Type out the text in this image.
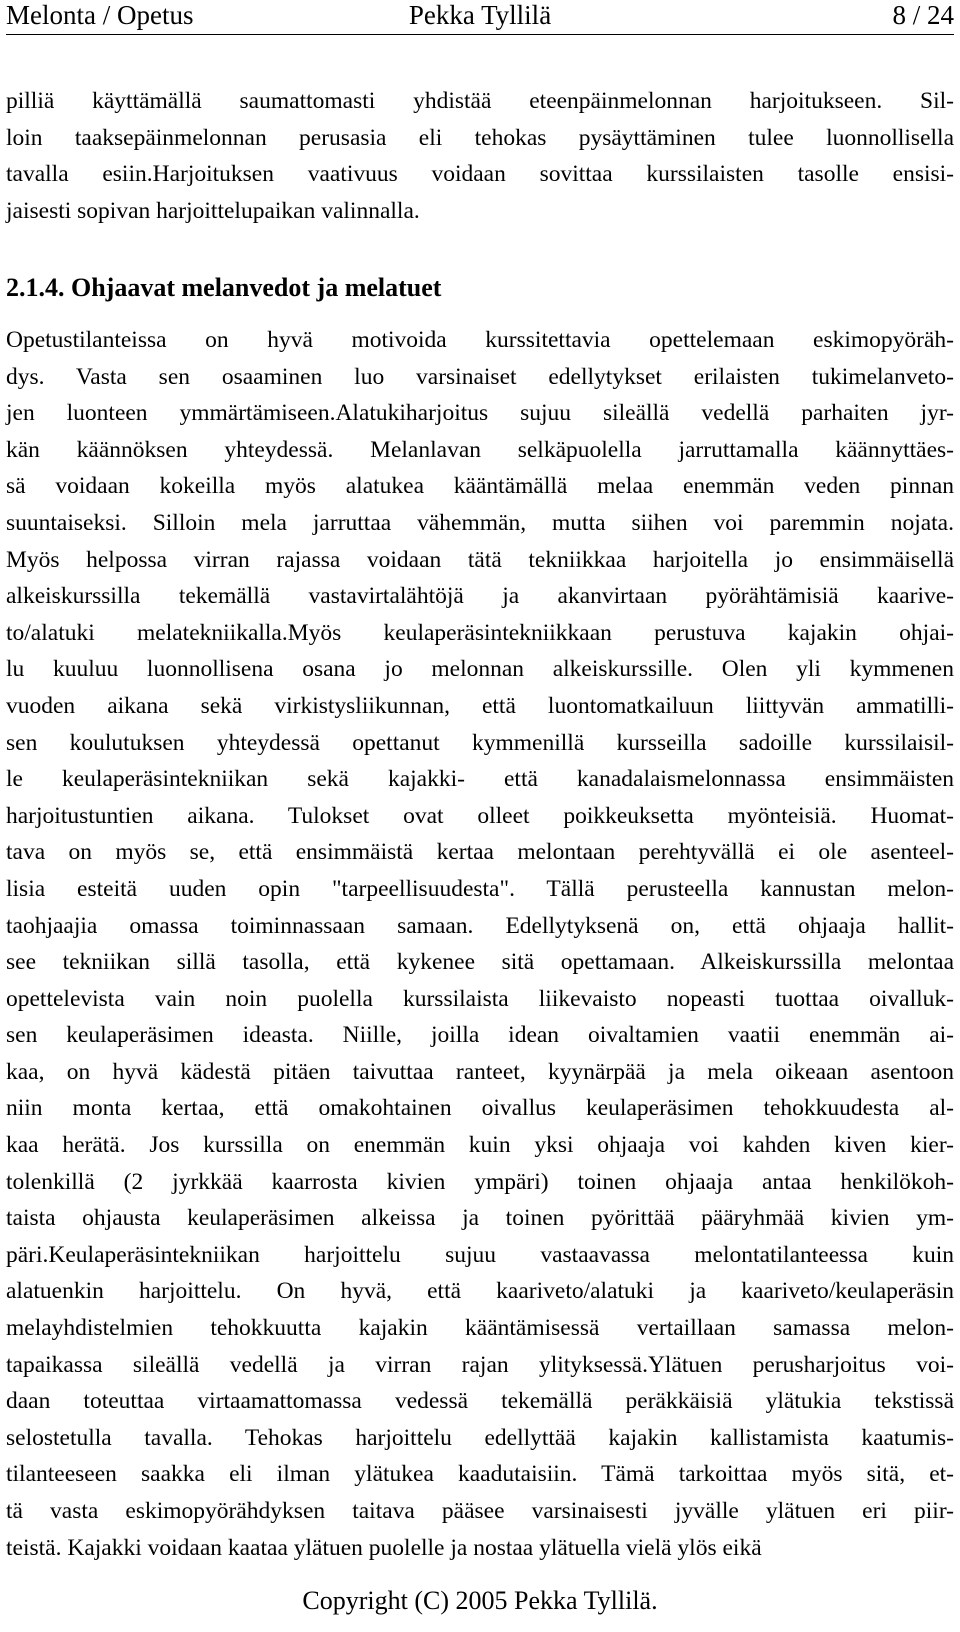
Pekka Tyllilä
Melonta / Opetus	8 / 24
pilliä käyttämällä saumattomasti yhdistää eteenpäinmelonnan harjoitukseen. Sil-
loin taaksepäinmelonnan perusasia eli tehokas pysäyttäminen tulee luonnollisella
tavalla esiin.Harjoituksen vaativuus voidaan sovittaa kurssilaisten tasolle ensisi-
jaisesti sopivan harjoittelupaikan valinnalla.
2.1.4. Ohjaavat melanvedot ja melatuet
Opetustilanteissa on hyvä motivoida kurssitettavia opettelemaan eskimopyöräh-
dys. Vasta sen osaaminen luo varsinaiset edellytykset erilaisten tukimelanveto-
jen luonteen ymmärtämiseen.Alatukiharjoitus sujuu sileällä vedellä parhaiten jyr-
kän käännöksen yhteydessä. Melanlavan selkäpuolella jarruttamalla käännyttäes-
sä voidaan kokeilla myös alatukea kääntämällä melaa enemmän veden pinnan
suuntaiseksi. Silloin mela jarruttaa vähemmän, mutta siihen voi paremmin nojata.
Myös helpossa virran rajassa voidaan tätä tekniikkaa harjoitella jo ensimmäisellä
alkeiskurssilla tekemällä vastavirtalähtöjä ja akanvirtaan pyörähtämisiä kaarive-
to/alatuki melatekniikalla.Myös keulaperäsintekniikkaan perustuva kajakin ohjai-
lu kuuluu luonnollisena osana jo melonnan alkeiskurssille. Olen yli kymmenen
vuoden aikana sekä virkistysliikunnan, että luontomatkailuun liittyvän ammatilli-
sen koulutuksen yhteydessä opettanut kymmenillä kursseilla sadoille kurssilaisil-
le keulaperäsintekniikan sekä kajakki- että kanadalaismelonnassa ensimmäisten
harjoitustuntien aikana. Tulokset ovat olleet poikkeuksetta myönteisiä. Huomat-
tava on myös se, että ensimmäistä kertaa melontaan perehtyvällä ei ole asenteel-
lisia esteitä uuden opin "tarpeellisuudesta". Tällä perusteella kannustan melon-
taohjaajia omassa toiminnassaan samaan. Edellytyksenä on, että ohjaaja hallit-
see tekniikan sillä tasolla, että kykenee sitä opettamaan. Alkeiskurssilla melontaa
opettelevista vain noin puolella kurssilaista liikevaisto nopeasti tuottaa oivalluk-
sen keulaperäsimen ideasta. Niille, joilla idean oivaltamien vaatii enemmän ai-
kaa, on hyvä kädestä pitäen taivuttaa ranteet, kyynärpää ja mela oikeaan asentoon
niin monta kertaa, että omakohtainen oivallus keulaperäsimen tehokkuudesta al-
kaa herätä. Jos kurssilla on enemmän kuin yksi ohjaaja voi kahden kiven kier-
tolenkillä (2 jyrkkää kaarrosta kivien ympäri) toinen ohjaaja antaa henkilökoh-
taista ohjausta keulaperäsimen alkeissa ja toinen pyörittää pääryhmää kivien ym-
päri.Keulaperäsintekniikan harjoittelu sujuu vastaavassa melontatilanteessa kuin
alatuenkin harjoittelu. On hyvä, että kaariveto/alatuki ja kaariveto/keulaperäsin
melayhdistelmien tehokkuutta kajakin kääntämisessä vertaillaan samassa melon-
tapaikassa sileällä vedellä ja virran rajan ylityksessä.Ylätuen perusharjoitus voi-
daan toteuttaa virtaamattomassa vedessä tekemällä peräkkäisiä ylätukia tekstissä
selostetulla tavalla. Tehokas harjoittelu edellyttää kajakin kallistamista kaatumis-
tilanteeseen saakka eli ilman ylätukea kaadutaisiin. Tämä tarkoittaa myös sitä, et-
tä vasta eskimopyörähdyksen taitava pääsee varsinaisesti jyvälle ylätuen eri piir-
teistä. Kajakki voidaan kaataa ylätuen puolelle ja nostaa ylätuella vielä ylös eikä
Copyright (C) 2005 Pekka Tyllilä.
